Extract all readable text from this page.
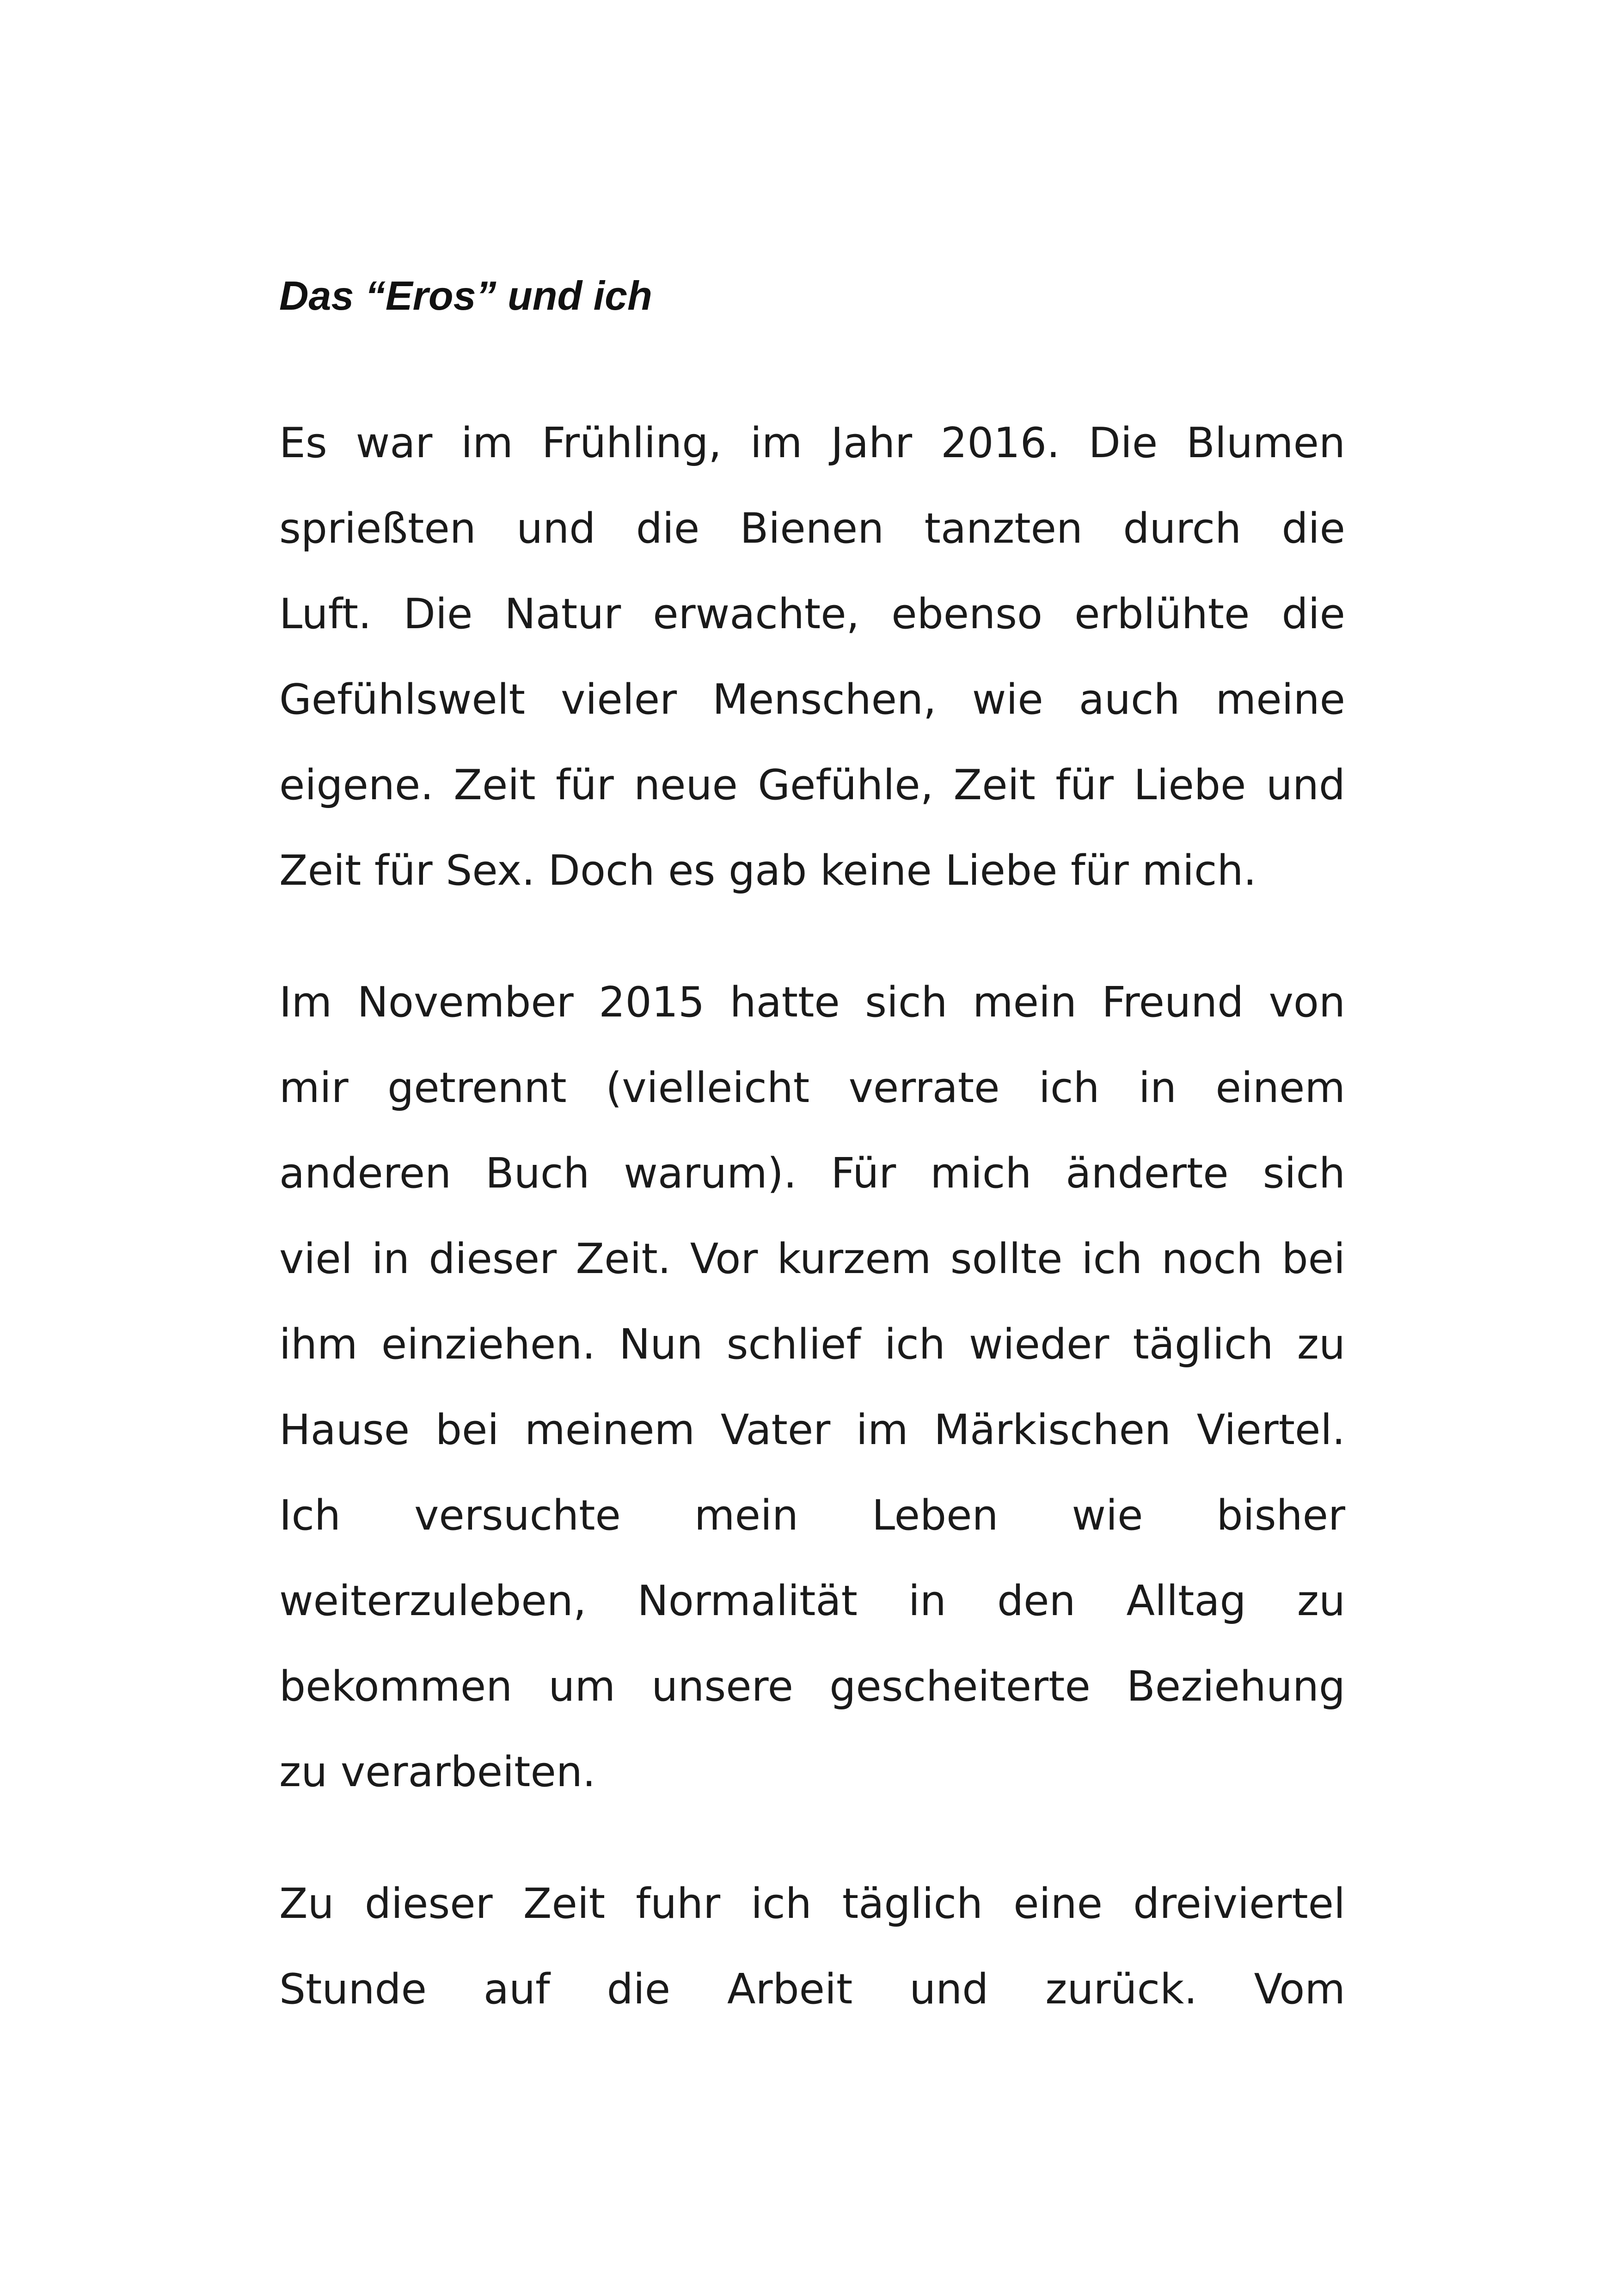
Das “Eros” und ich
Es war im Frühling, im Jahr 2016. Die Blumen
sprießten und die Bienen tanzten durch die
Luft. Die Natur erwachte, ebenso erblühte die
Gefühlswelt vieler Menschen, wie auch meine
eigene. Zeit für neue Gefühle, Zeit für Liebe und
Zeit für Sex. Doch es gab keine Liebe für mich.
Im November 2015 hatte sich mein Freund von
mir getrennt (vielleicht verrate ich in einem
anderen Buch warum). Für mich änderte sich
viel in dieser Zeit. Vor kurzem sollte ich noch bei
ihm einziehen. Nun schlief ich wieder täglich zu
Hause bei meinem Vater im Märkischen Viertel.
Ich versuchte mein Leben wie bisher
weiterzuleben, Normalität in den Alltag zu
bekommen um unsere gescheiterte Beziehung
zu verarbeiten.
Zu dieser Zeit fuhr ich täglich eine dreiviertel
Stunde auf die Arbeit und zurück. Vom
